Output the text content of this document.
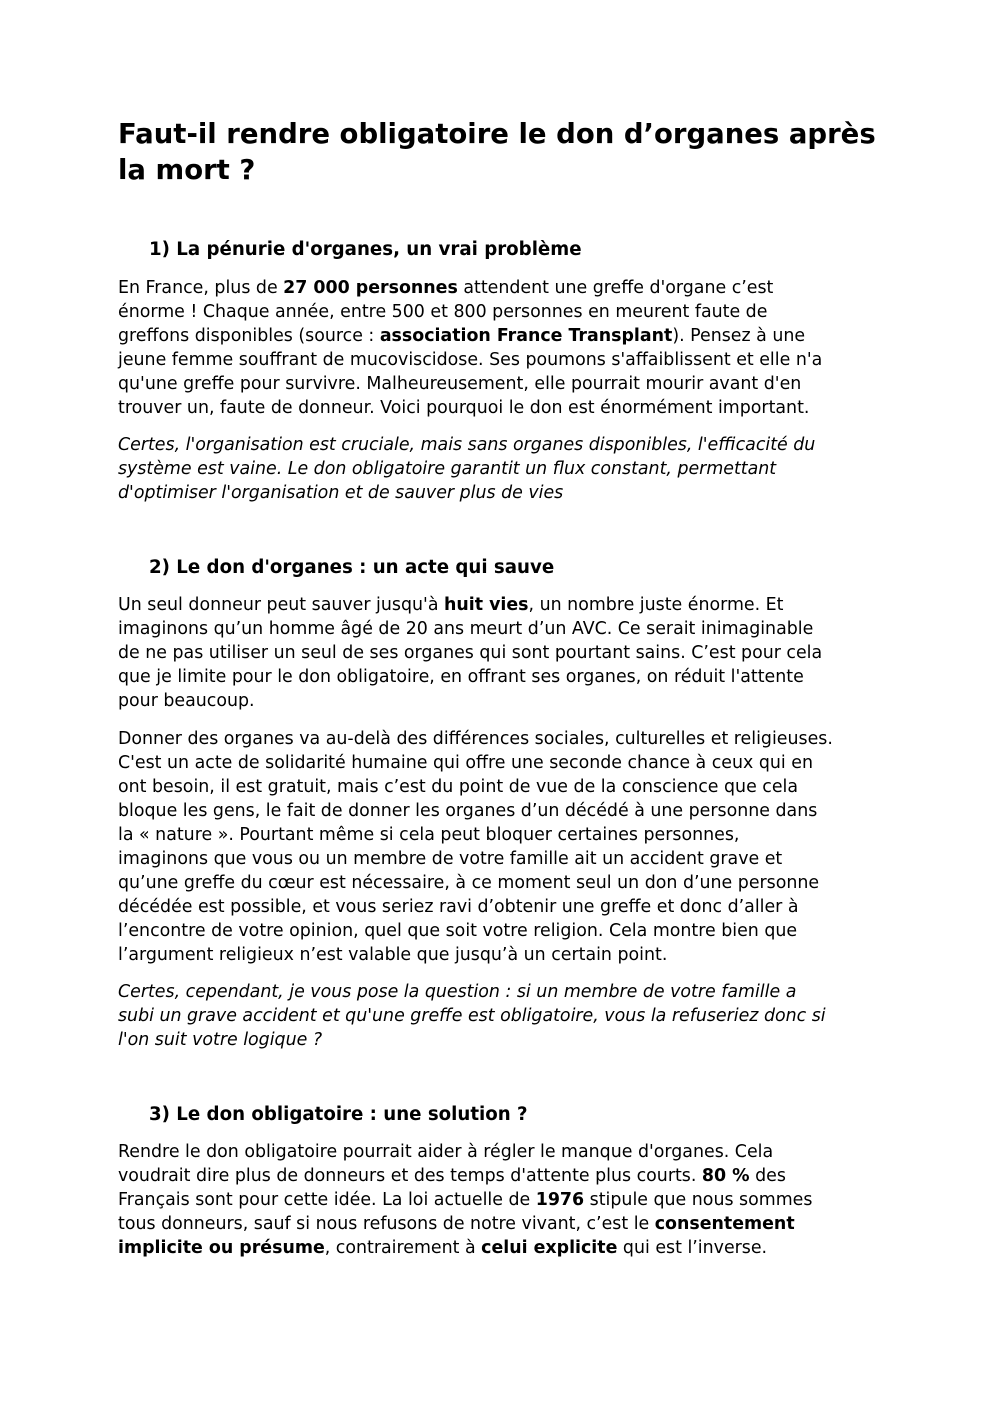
Faut-il rendre obligatoire le don d’organes après
la mort ?
1) La pénurie d'organes, un vrai problème

En France, plus de 27 000 personnes attendent une greffe d'organe c’est
énorme ! Chaque année, entre 500 et 800 personnes en meurent faute de
greffons disponibles (source : association France Transplant). Pensez à une
jeune femme souffrant de mucoviscidose. Ses poumons s'affaiblissent et elle n'a
qu'une greffe pour survivre. Malheureusement, elle pourrait mourir avant d'en
trouver un, faute de donneur. Voici pourquoi le don est énormément important.

Certes, l'organisation est cruciale, mais sans organes disponibles, l'efficacité du
système est vaine. Le don obligatoire garantit un flux constant, permettant
d'optimiser l'organisation et de sauver plus de vies

2) Le don d'organes : un acte qui sauve

Un seul donneur peut sauver jusqu'à huit vies, un nombre juste énorme. Et
imaginons qu’un homme âgé de 20 ans meurt d’un AVC. Ce serait inimaginable
de ne pas utiliser un seul de ses organes qui sont pourtant sains. C’est pour cela
que je limite pour le don obligatoire, en offrant ses organes, on réduit l'attente
pour beaucoup.

Donner des organes va au-delà des différences sociales, culturelles et religieuses.
C'est un acte de solidarité humaine qui offre une seconde chance à ceux qui en
ont besoin, il est gratuit, mais c’est du point de vue de la conscience que cela
bloque les gens, le fait de donner les organes d’un décédé à une personne dans
la « nature ». Pourtant même si cela peut bloquer certaines personnes,
imaginons que vous ou un membre de votre famille ait un accident grave et
qu’une greffe du cœur est nécessaire, à ce moment seul un don d’une personne
décédée est possible, et vous seriez ravi d’obtenir une greffe et donc d’aller à
l’encontre de votre opinion, quel que soit votre religion. Cela montre bien que
l’argument religieux n’est valable que jusqu’à un certain point.

Certes, cependant, je vous pose la question : si un membre de votre famille a
subi un grave accident et qu'une greffe est obligatoire, vous la refuseriez donc si
l'on suit votre logique ?

3) Le don obligatoire : une solution ?

Rendre le don obligatoire pourrait aider à régler le manque d'organes. Cela
voudrait dire plus de donneurs et des temps d'attente plus courts. 80 % des
Français sont pour cette idée. La loi actuelle de 1976 stipule que nous sommes
tous donneurs, sauf si nous refusons de notre vivant, c’est le consentement
implicite ou présume, contrairement à celui explicite qui est l’inverse.
